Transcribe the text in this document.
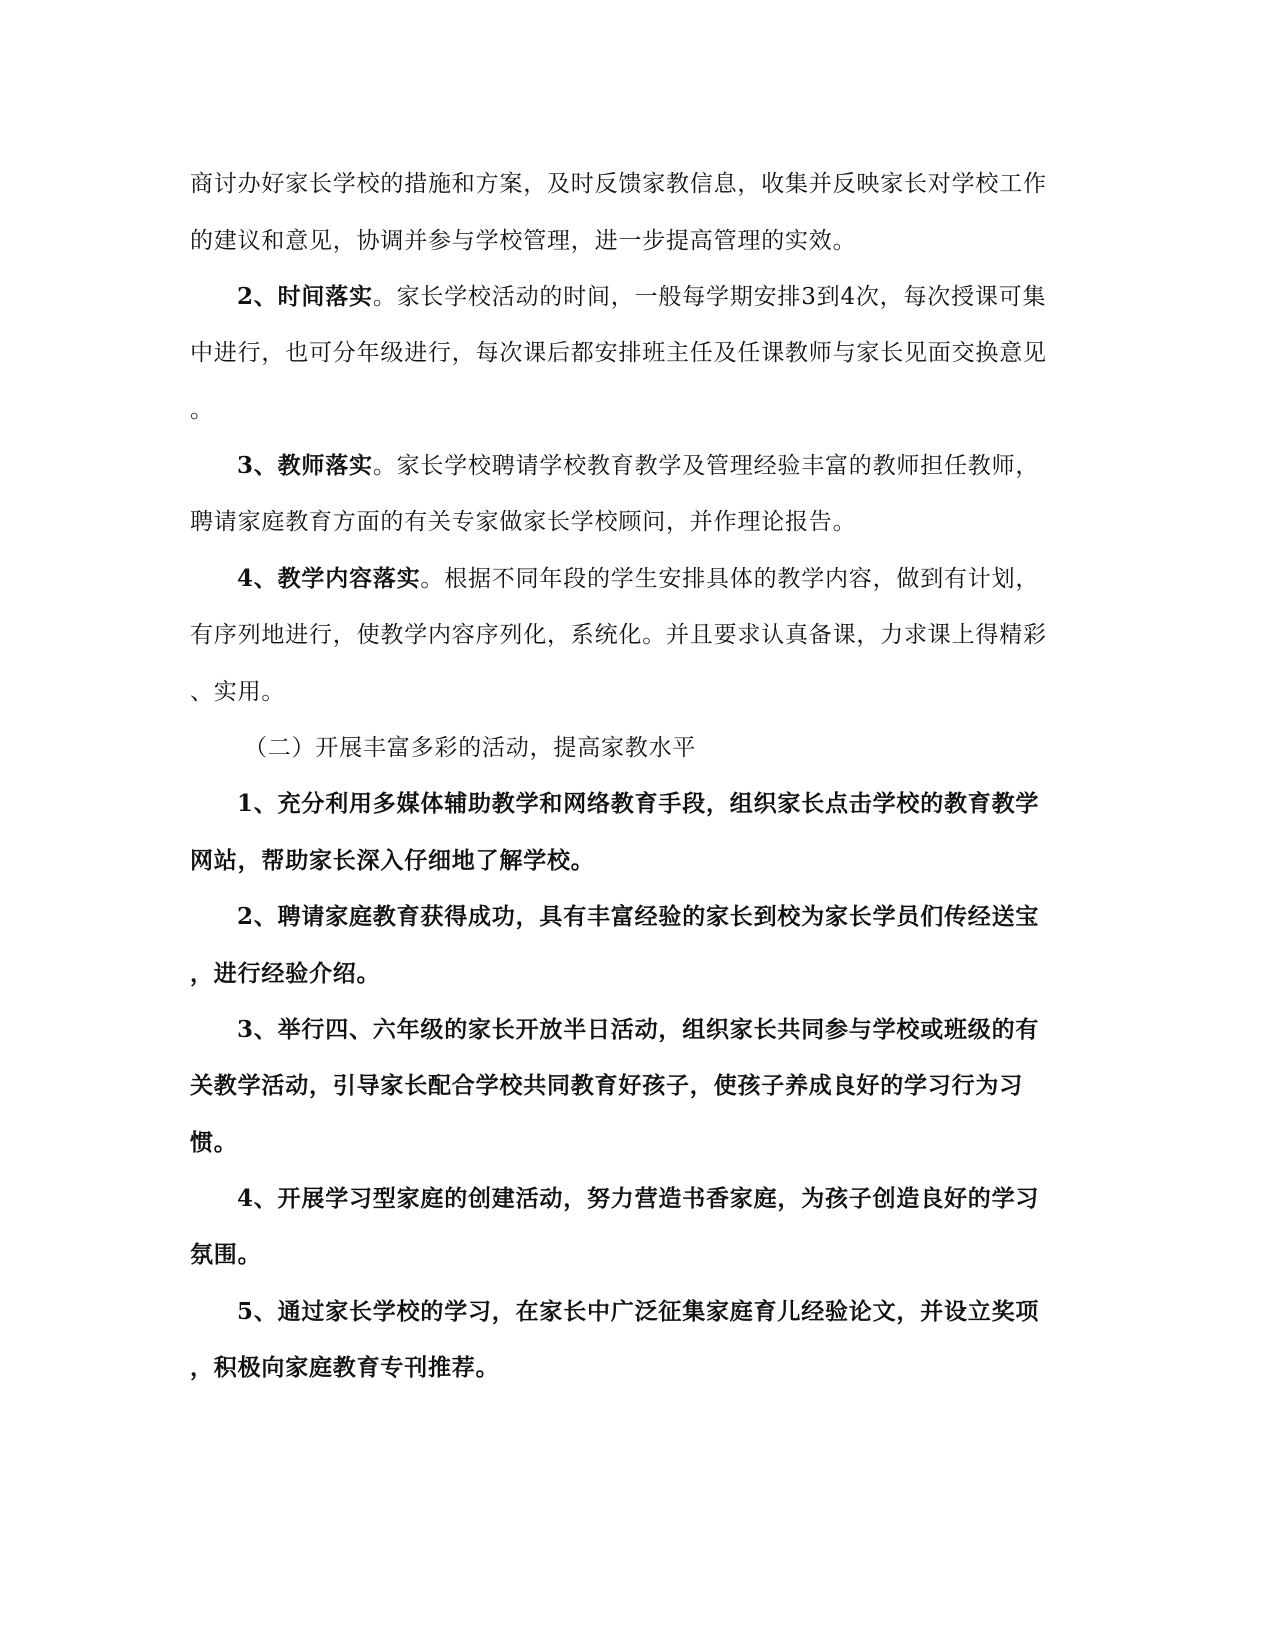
商讨办好家长学校的措施和方案，及时反馈家教信息，收集并反映家长对学校工作
的建议和意见，协调并参与学校管理，进一步提高管理的实效。
2、时间落实。家长学校活动的时间，一般每学期安排3到4次，每次授课可集
中进行，也可分年级进行，每次课后都安排班主任及任课教师与家长见面交换意见
。
3、教师落实。家长学校聘请学校教育教学及管理经验丰富的教师担任教师，
聘请家庭教育方面的有关专家做家长学校顾问，并作理论报告。
4、教学内容落实。根据不同年段的学生安排具体的教学内容，做到有计划，
有序列地进行，使教学内容序列化，系统化。并且要求认真备课，力求课上得精彩
、实用。
（二）开展丰富多彩的活动，提高家教水平
1、充分利用多媒体辅助教学和网络教育手段，组织家长点击学校的教育教学
网站，帮助家长深入仔细地了解学校。
2、聘请家庭教育获得成功，具有丰富经验的家长到校为家长学员们传经送宝
，进行经验介绍。
3、举行四、六年级的家长开放半日活动，组织家长共同参与学校或班级的有
关教学活动，引导家长配合学校共同教育好孩子，使孩子养成良好的学习行为习
惯。
4、开展学习型家庭的创建活动，努力营造书香家庭，为孩子创造良好的学习
氛围。
5、通过家长学校的学习，在家长中广泛征集家庭育儿经验论文，并设立奖项
，积极向家庭教育专刊推荐。
